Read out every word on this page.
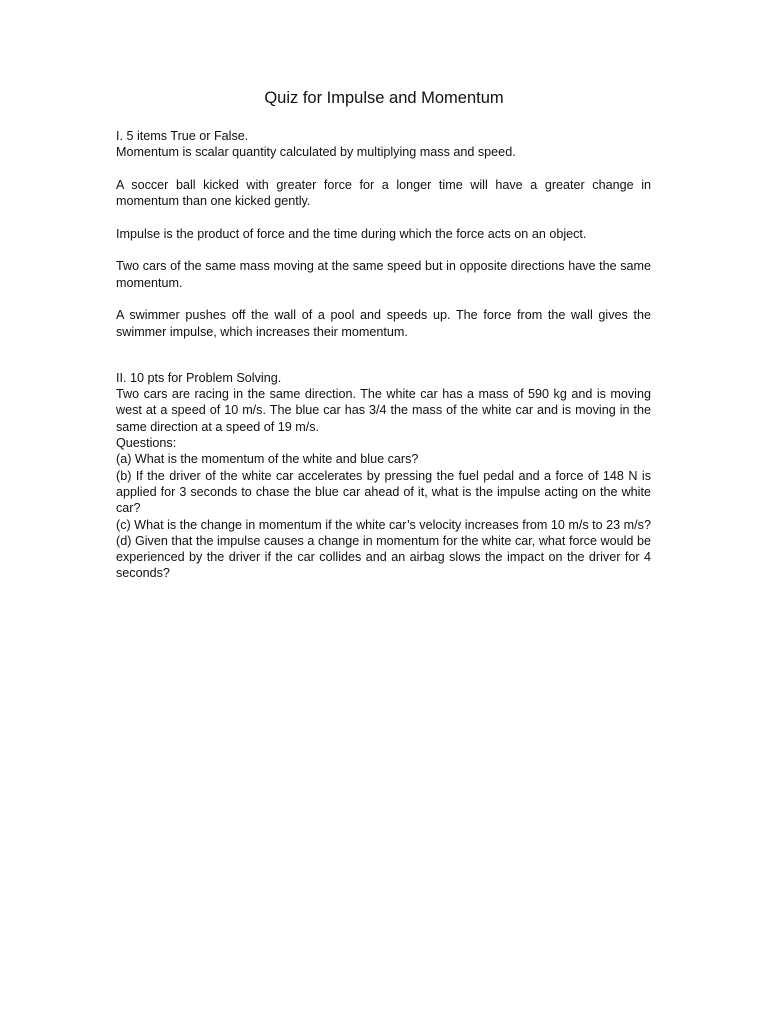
Quiz for Impulse and Momentum

I. 5 items True or False.

Momentum is scalar quantity calculated by multiplying mass and speed.

A soccer ball kicked with greater force for a longer time will have a greater change in momentum than one kicked gently.

Impulse is the product of force and the time during which the force acts on an object.

Two cars of the same mass moving at the same speed but in opposite directions have the same momentum.

A swimmer pushes off the wall of a pool and speeds up. The force from the wall gives the swimmer impulse, which increases their momentum.

II. 10 pts for Problem Solving.

Two cars are racing in the same direction. The white car has a mass of 590 kg and is moving west at a speed of 10 m/s. The blue car has 3/4 the mass of the white car and is moving in the same direction at a speed of 19 m/s.

Questions:

(a) What is the momentum of the white and blue cars?

(b) If the driver of the white car accelerates by pressing the fuel pedal and a force of 148 N is applied for 3 seconds to chase the blue car ahead of it, what is the impulse acting on the white car?

(c) What is the change in momentum if the white car’s velocity increases from 10 m/s to 23 m/s?

(d) Given that the impulse causes a change in momentum for the white car, what force would be experienced by the driver if the car collides and an airbag slows the impact on the driver for 4 seconds?
